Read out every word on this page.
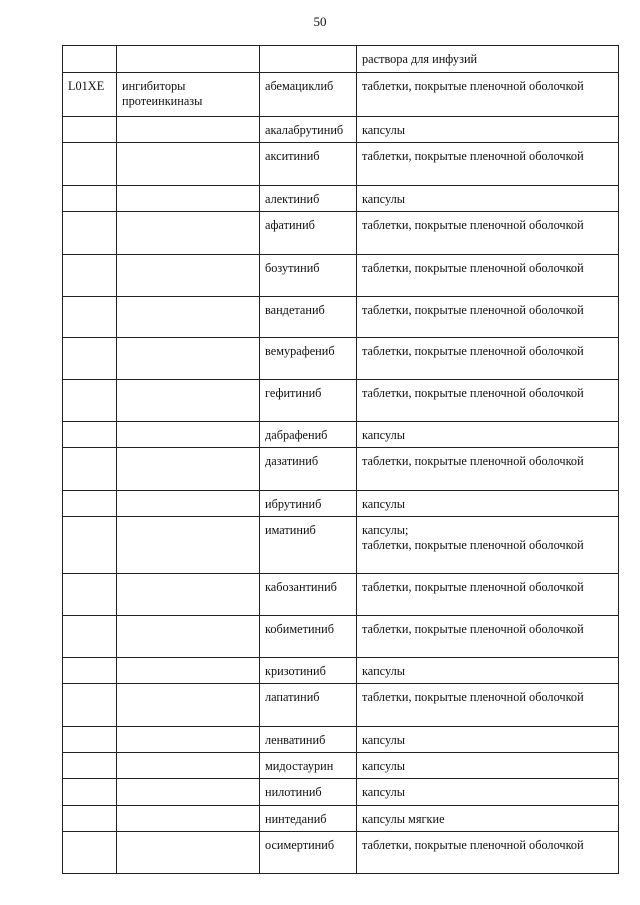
50

			раствора для инфузий

L01XE	ингибиторы протеинкиназы	абемациклиб	таблетки, покрытые пленочной оболочкой

		акалабрутиниб	капсулы

		акситиниб	таблетки, покрытые пленочной оболочкой

		алектиниб	капсулы

		афатиниб	таблетки, покрытые пленочной оболочкой

		бозутиниб	таблетки, покрытые пленочной оболочкой

		вандетаниб	таблетки, покрытые пленочной оболочкой

		вемурафениб	таблетки, покрытые пленочной оболочкой

		гефитиниб	таблетки, покрытые пленочной оболочкой

		дабрафениб	капсулы

		дазатиниб	таблетки, покрытые пленочной оболочкой

		ибрутиниб	капсулы

		иматиниб	капсулы;
таблетки, покрытые пленочной оболочкой

		кабозантиниб	таблетки, покрытые пленочной оболочкой

		кобиметиниб	таблетки, покрытые пленочной оболочкой

		кризотиниб	капсулы

		лапатиниб	таблетки, покрытые пленочной оболочкой

		ленватиниб	капсулы

		мидостаурин	капсулы

		нилотиниб	капсулы

		нинтеданиб	капсулы мягкие

		осимертиниб	таблетки, покрытые пленочной оболочкой
